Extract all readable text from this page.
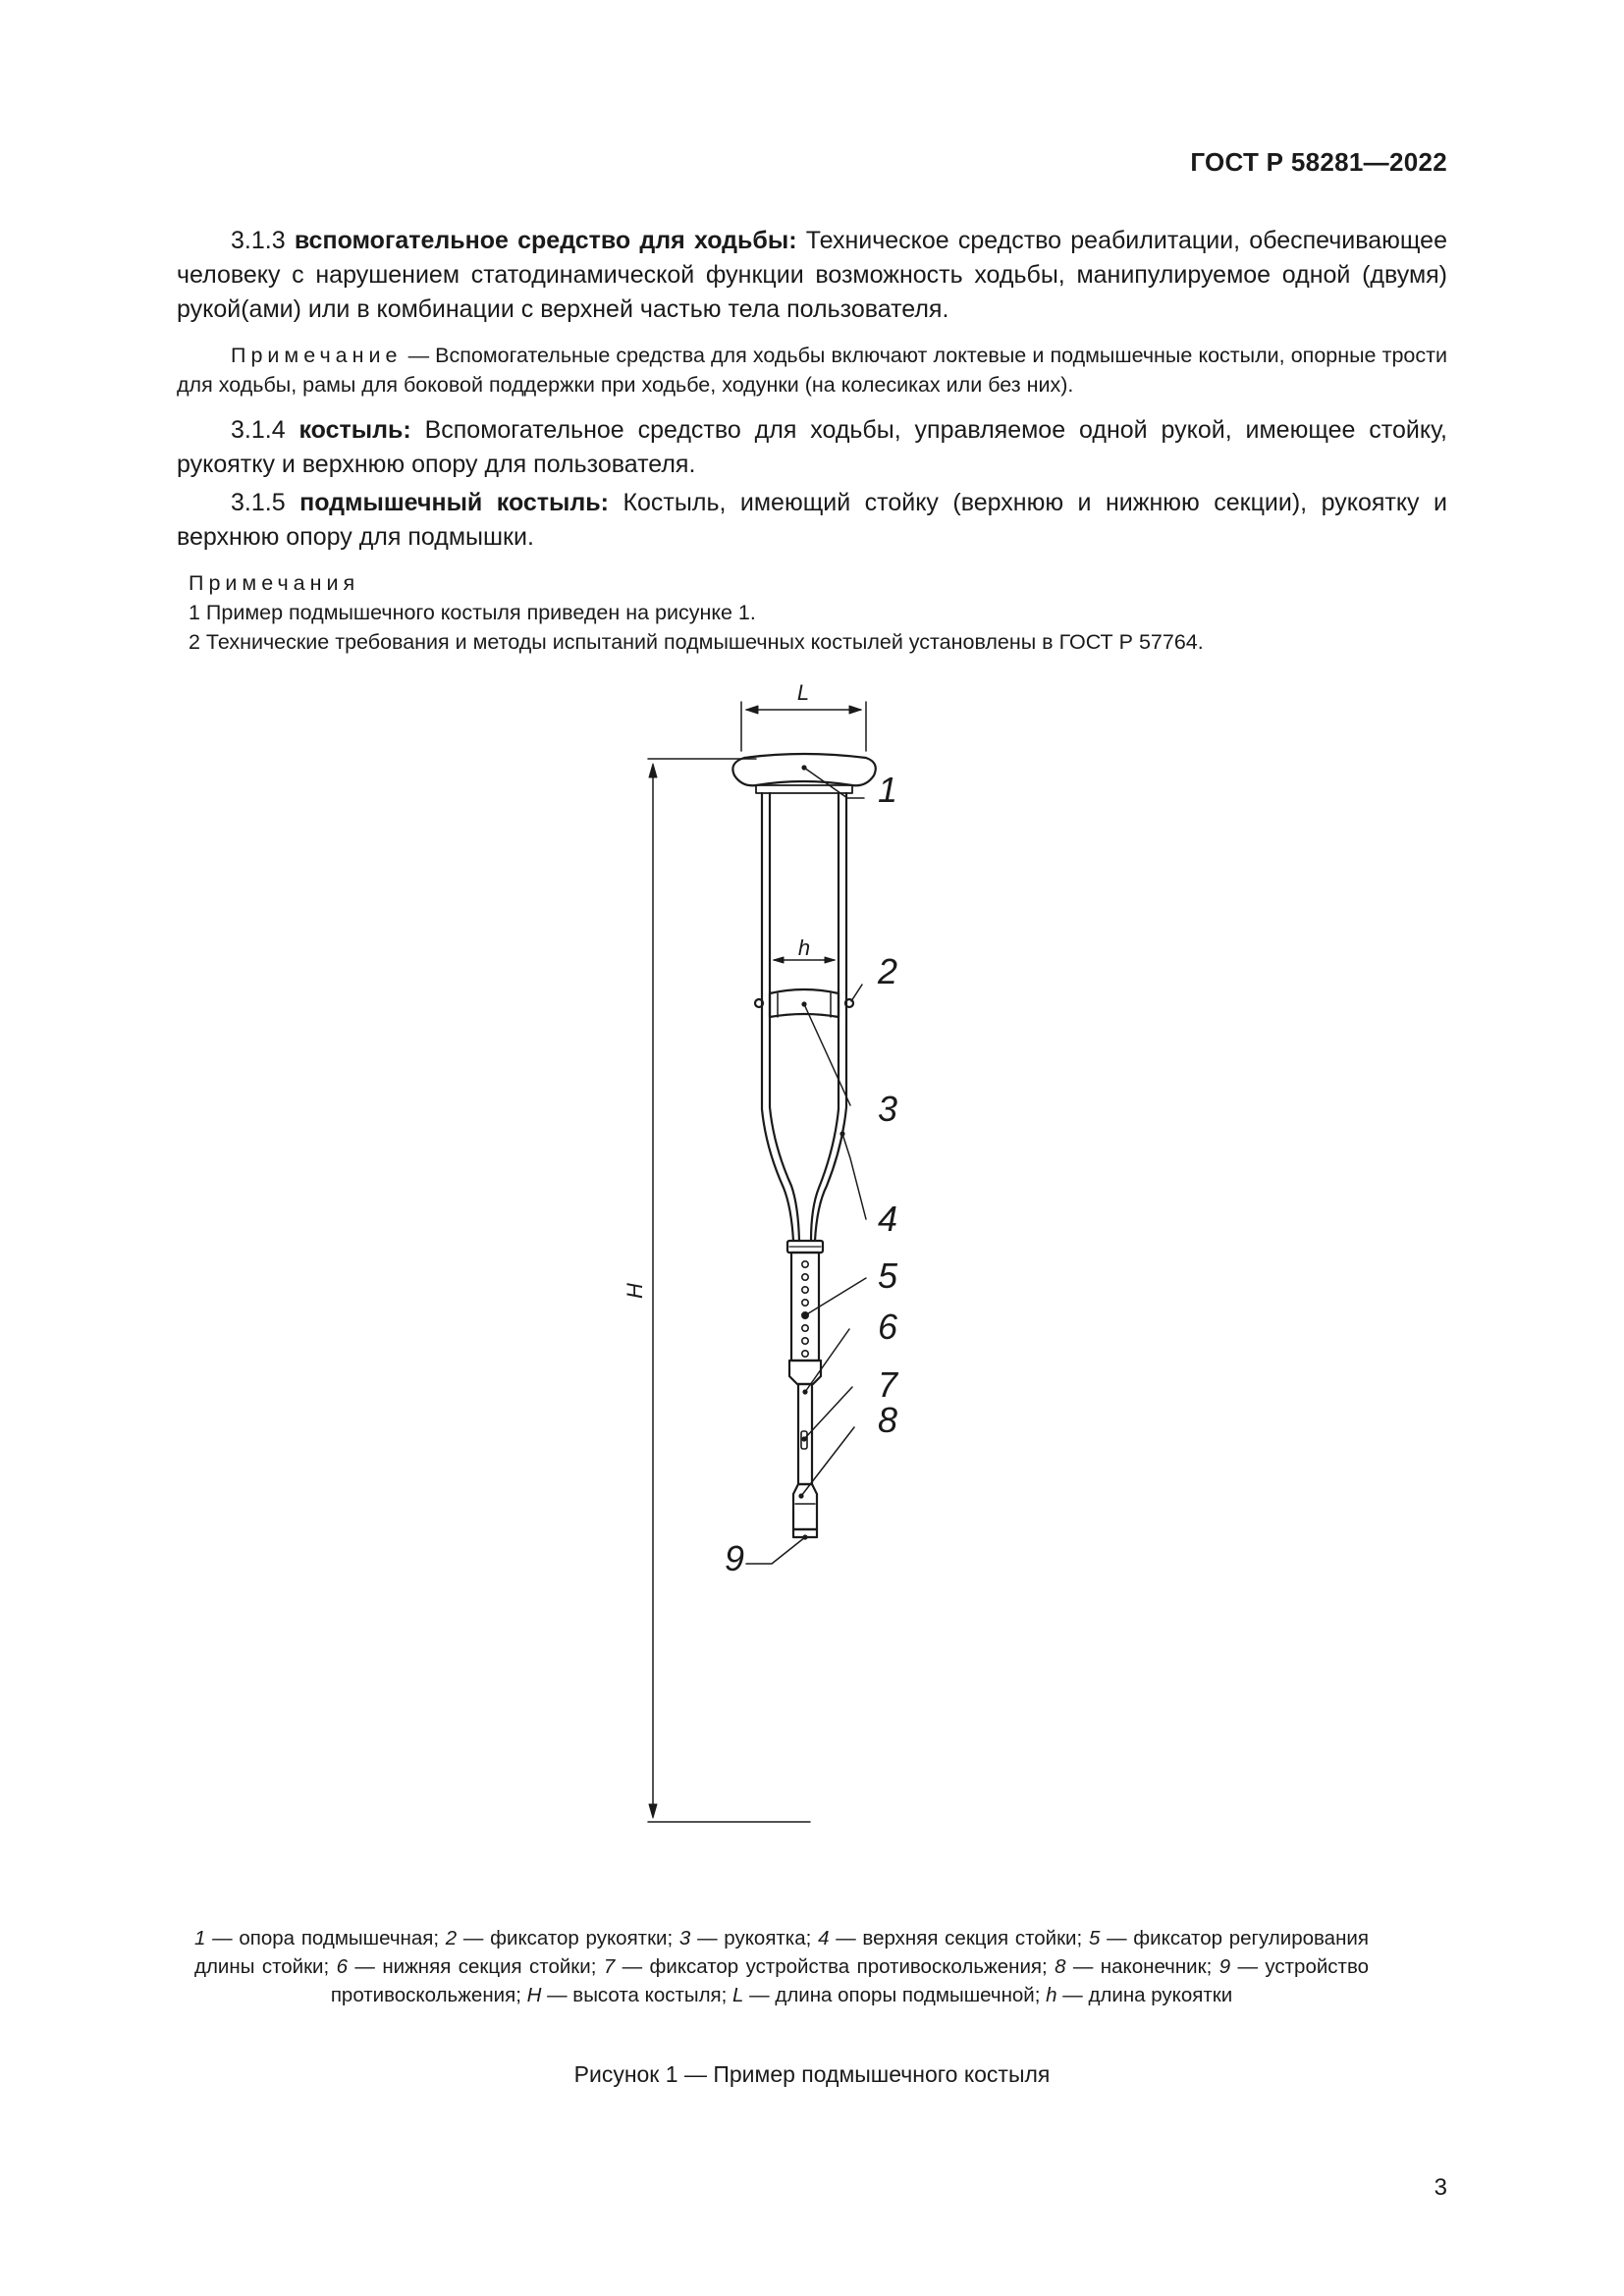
ГОСТ Р 58281—2022

3.1.3 вспомогательное средство для ходьбы: Техническое средство реабилитации, обеспечивающее человеку с нарушением статодинамической функции возможность ходьбы, манипулируемое одной (двумя) рукой(ами) или в комбинации с верхней частью тела пользователя.

Примечание — Вспомогательные средства для ходьбы включают локтевые и подмышечные костыли, опорные трости для ходьбы, рамы для боковой поддержки при ходьбе, ходунки (на колесиках или без них).

3.1.4 костыль: Вспомогательное средство для ходьбы, управляемое одной рукой, имеющее стойку, рукоятку и верхнюю опору для пользователя.

3.1.5 подмышечный костыль: Костыль, имеющий стойку (верхнюю и нижнюю секции), рукоятку и верхнюю опору для подмышки.

Примечания

1 Пример подмышечного костыля приведен на рисунке 1.

2 Технические требования и методы испытаний подмышечных костылей установлены в ГОСТ Р 57764.

L
H
h
1
2
3
4
5
6
7
8
9
1 — опора подмышечная; 2 — фиксатор рукоятки; 3 — рукоятка; 4 — верхняя секция стойки; 5 — фиксатор регулирования длины стойки; 6 — нижняя секция стойки; 7 — фиксатор устройства противоскольжения; 8 — наконечник; 9 — устройство противоскольжения; H — высота костыля; L — длина опоры подмышечной; h — длина рукоятки
Рисунок 1 — Пример подмышечного костыля
3
